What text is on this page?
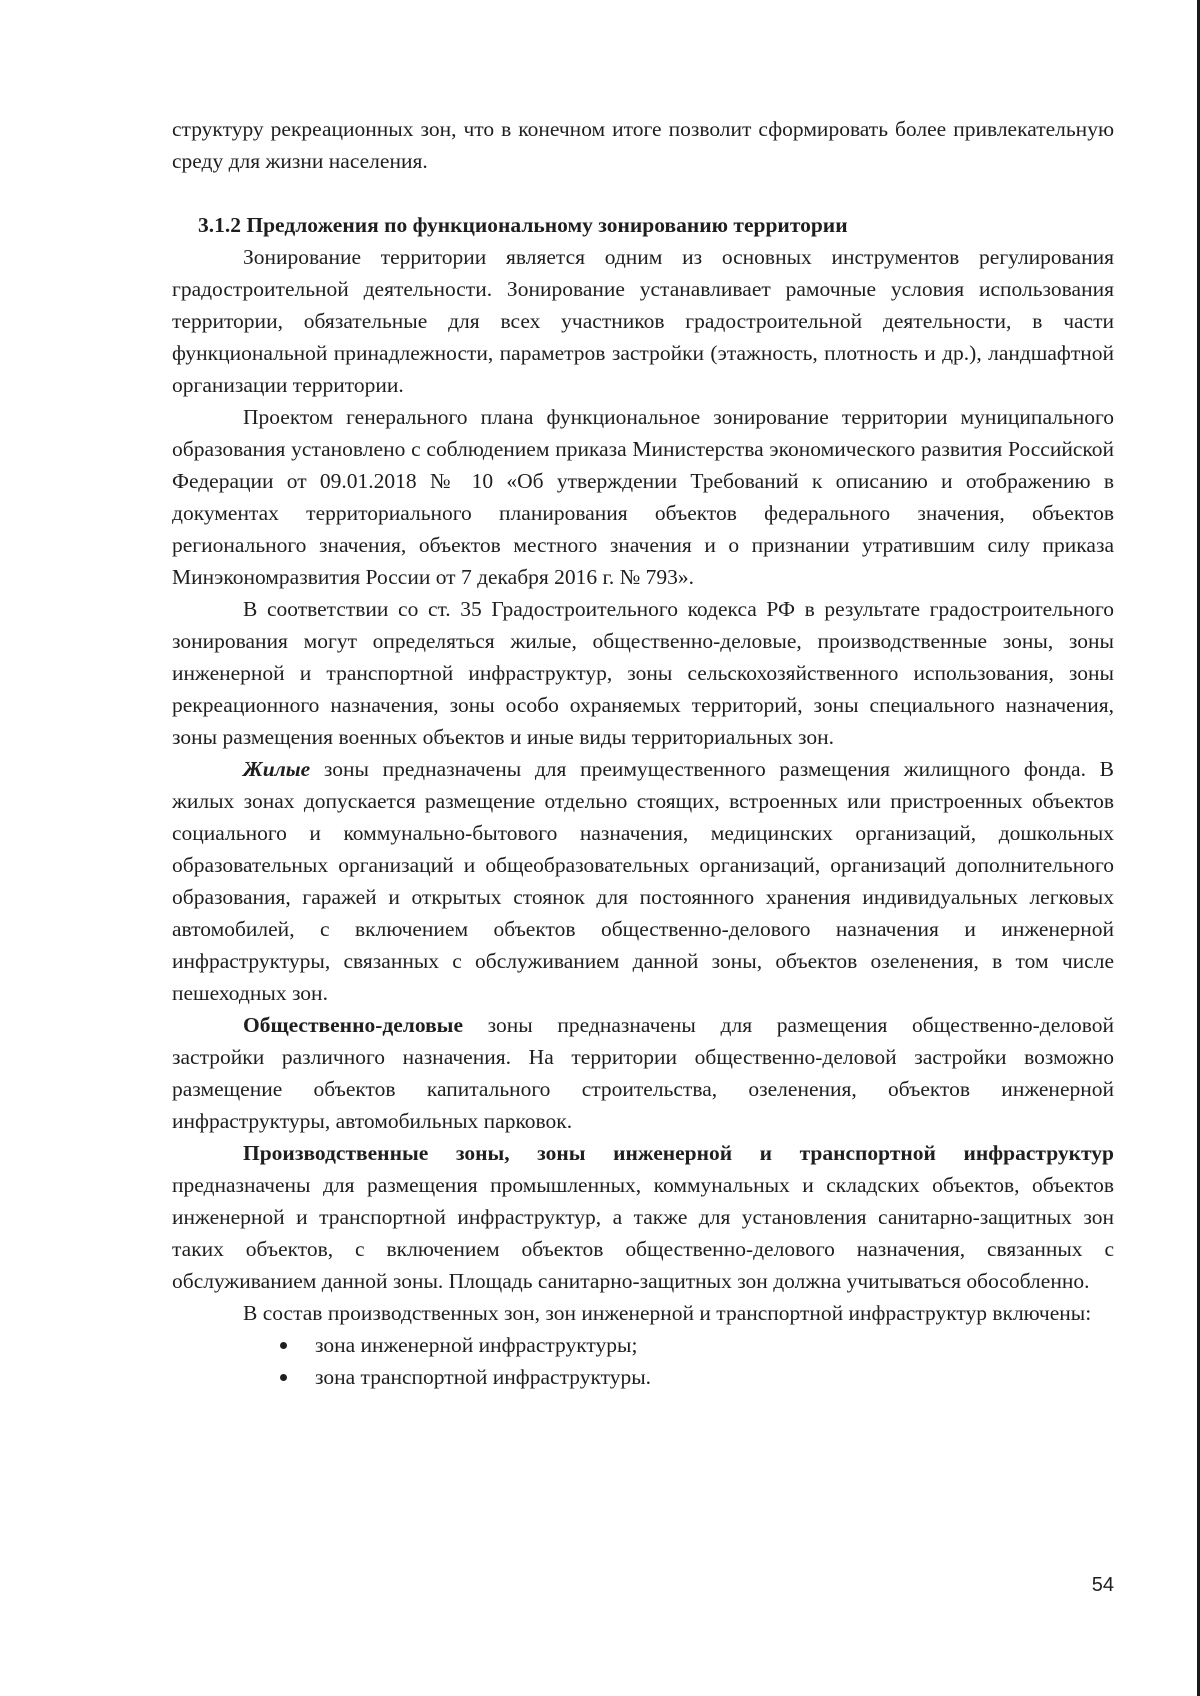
структуру рекреационных зон, что в конечном итоге позволит сформировать более привлекательную среду для жизни населения.

3.1.2 Предложения по функциональному зонированию территории

Зонирование территории является одним из основных инструментов регулирования градостроительной деятельности. Зонирование устанавливает рамочные условия использования территории, обязательные для всех участников градостроительной деятельности, в части функциональной принадлежности, параметров застройки (этажность, плотность и др.), ландшафтной организации территории.

Проектом генерального плана функциональное зонирование территории муниципального образования установлено с соблюдением приказа Министерства экономического развития Российской Федерации от 09.01.2018 № 10 «Об утверждении Требований к описанию и отображению в документах территориального планирования объектов федерального значения, объектов регионального значения, объектов местного значения и о признании утратившим силу приказа Минэкономразвития России от 7 декабря 2016 г. № 793».

В соответствии со ст. 35 Градостроительного кодекса РФ в результате градостроительного зонирования могут определяться жилые, общественно-деловые, производственные зоны, зоны инженерной и транспортной инфраструктур, зоны сельскохозяйственного использования, зоны рекреационного назначения, зоны особо охраняемых территорий, зоны специального назначения, зоны размещения военных объектов и иные виды территориальных зон.

Жилые зоны предназначены для преимущественного размещения жилищного фонда. В жилых зонах допускается размещение отдельно стоящих, встроенных или пристроенных объектов социального и коммунально-бытового назначения, медицинских организаций, дошкольных образовательных организаций и общеобразовательных организаций, организаций дополнительного образования, гаражей и открытых стоянок для постоянного хранения индивидуальных легковых автомобилей, с включением объектов общественно-делового назначения и инженерной инфраструктуры, связанных с обслуживанием данной зоны, объектов озеленения, в том числе пешеходных зон.

Общественно-деловые зоны предназначены для размещения общественно-деловой застройки различного назначения. На территории общественно-деловой застройки возможно размещение объектов капитального строительства, озеленения, объектов инженерной инфраструктуры, автомобильных парковок.

Производственные зоны, зоны инженерной и транспортной инфраструктур предназначены для размещения промышленных, коммунальных и складских объектов, объектов инженерной и транспортной инфраструктур, а также для установления санитарно-защитных зон таких объектов, с включением объектов общественно-делового назначения, связанных с обслуживанием данной зоны. Площадь санитарно-защитных зон должна учитываться обособленно.

В состав производственных зон, зон инженерной и транспортной инфраструктур включены:

зона инженерной инфраструктуры;
зона транспортной инфраструктуры.
54
